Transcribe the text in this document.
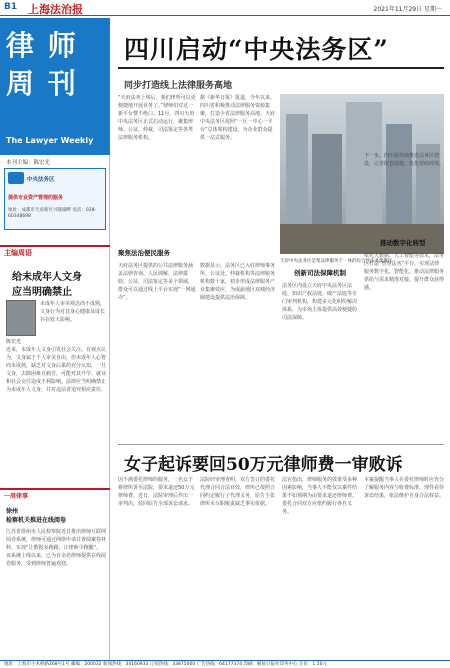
B1 上海法治报	2021年11月29日 星期一
律 师
周 刊
The Lawyer Weekly
本刊主编：陈宏光
中央法务区
提供专业资产管理的服务
地址：成都市天府新区兴隆湖畔 电话：028-60348698
主编周语
给未成年人文身
应当明确禁止
陈宏光
未成年人审美观念尚不成熟，文身行为对其身心健康及成长存在较大影响。
近来，未成年人文身引发社会关注。有观点认为，文身属于个人审美自由，但未成年人心智尚未成熟，缺乏对文身后果的充分认知，一旦文身，去除困难且痛苦，可能对其升学、就业和社会交往造成不利影响。法律应当明确禁止为未成年人文身，并对违法者追究相应责任。
一周律事
徐州
检察机关推进在线阅卷
江苏省徐州市人民检察院近日推出律师互联网阅卷系统，律师可通过网络申请并查阅案卷材料，实现“让数据多跑路、让律师少跑腿”。该系统上线以来，已为百余名律师提供在线阅卷服务，受到律师普遍欢迎。
四川启动“中央法务区”
同步打造线上法律服务高地
“天府法务上线后，我们律所可以更便捷地开展业务了。”律师们对这一新平台赞不绝口。11月，四川天府中央法务区正式启动运行，聚集律师、公证、仲裁、司法鉴定等各类法律服务机构。
据《新华日报》报道，今年以来，四川省积极推动法律服务资源集聚，打造全省法律服务高地。天府中央法务区按照“一区一中心一平台”总体架构建设，为企业群众提供一站式服务。
天府中央法务区是集法律服务于一体的综合性法务集聚区
聚焦法治便民服务
天府法务区提供的公共法律服务涵盖法律咨询、人民调解、法律援助、公证、司法鉴定等多个领域，群众可以通过线上平台实现“一网通办”。
数据显示，法务区已入驻律师事务所、公证处、仲裁机构等法律服务机构数十家，初步形成法律服务产业集聚效应，为成渝地区双城经济圈建设提供法治保障。
创新司法保障机制
法务区内设立天府中央法务区法庭、知识产权法庭、破产法庭等专门审判机构，构建多元化纠纷解决体系，为市场主体提供高效便捷的司法保障。
下一步，四川将持续推进法务区建设，完善配套设施，优化营商环境。
推动数字化转型
依托大数据、人工智能等技术，法务区打造“智慧法务”平台，实现法律服务数字化、智能化，推动法律服务供给与需求精准对接，提升群众获得感。
女子起诉要回50万元律师费一审败诉
因不满委托律师的服务，一名女子将律所诉至法院，要求退还50万元律师费。近日，法院审理后作出一审判决，驳回原告全部诉讼请求。
法院经审理查明，双方签订的委托代理合同合法有效，律所已按照合同约定履行了代理义务，原告主张律所未尽职履责缺乏事实依据。
法官指出，律师服务的效果受多种因素影响，当事人不能仅以案件结果不如预期为由要求退还律师费。委托合同双方应依约履行各自义务。
本案提醒当事人在委托律师时应充分了解服务内容与收费标准，理性看待诉讼结果，依法维护自身合法权益。
地址：上海市小木桥路268号1号 邮编：200032 新闻热线：34160933 订阅热线：33875000 广告热线：64177374 印刷：解放日报社印务中心 定价：1.50元
